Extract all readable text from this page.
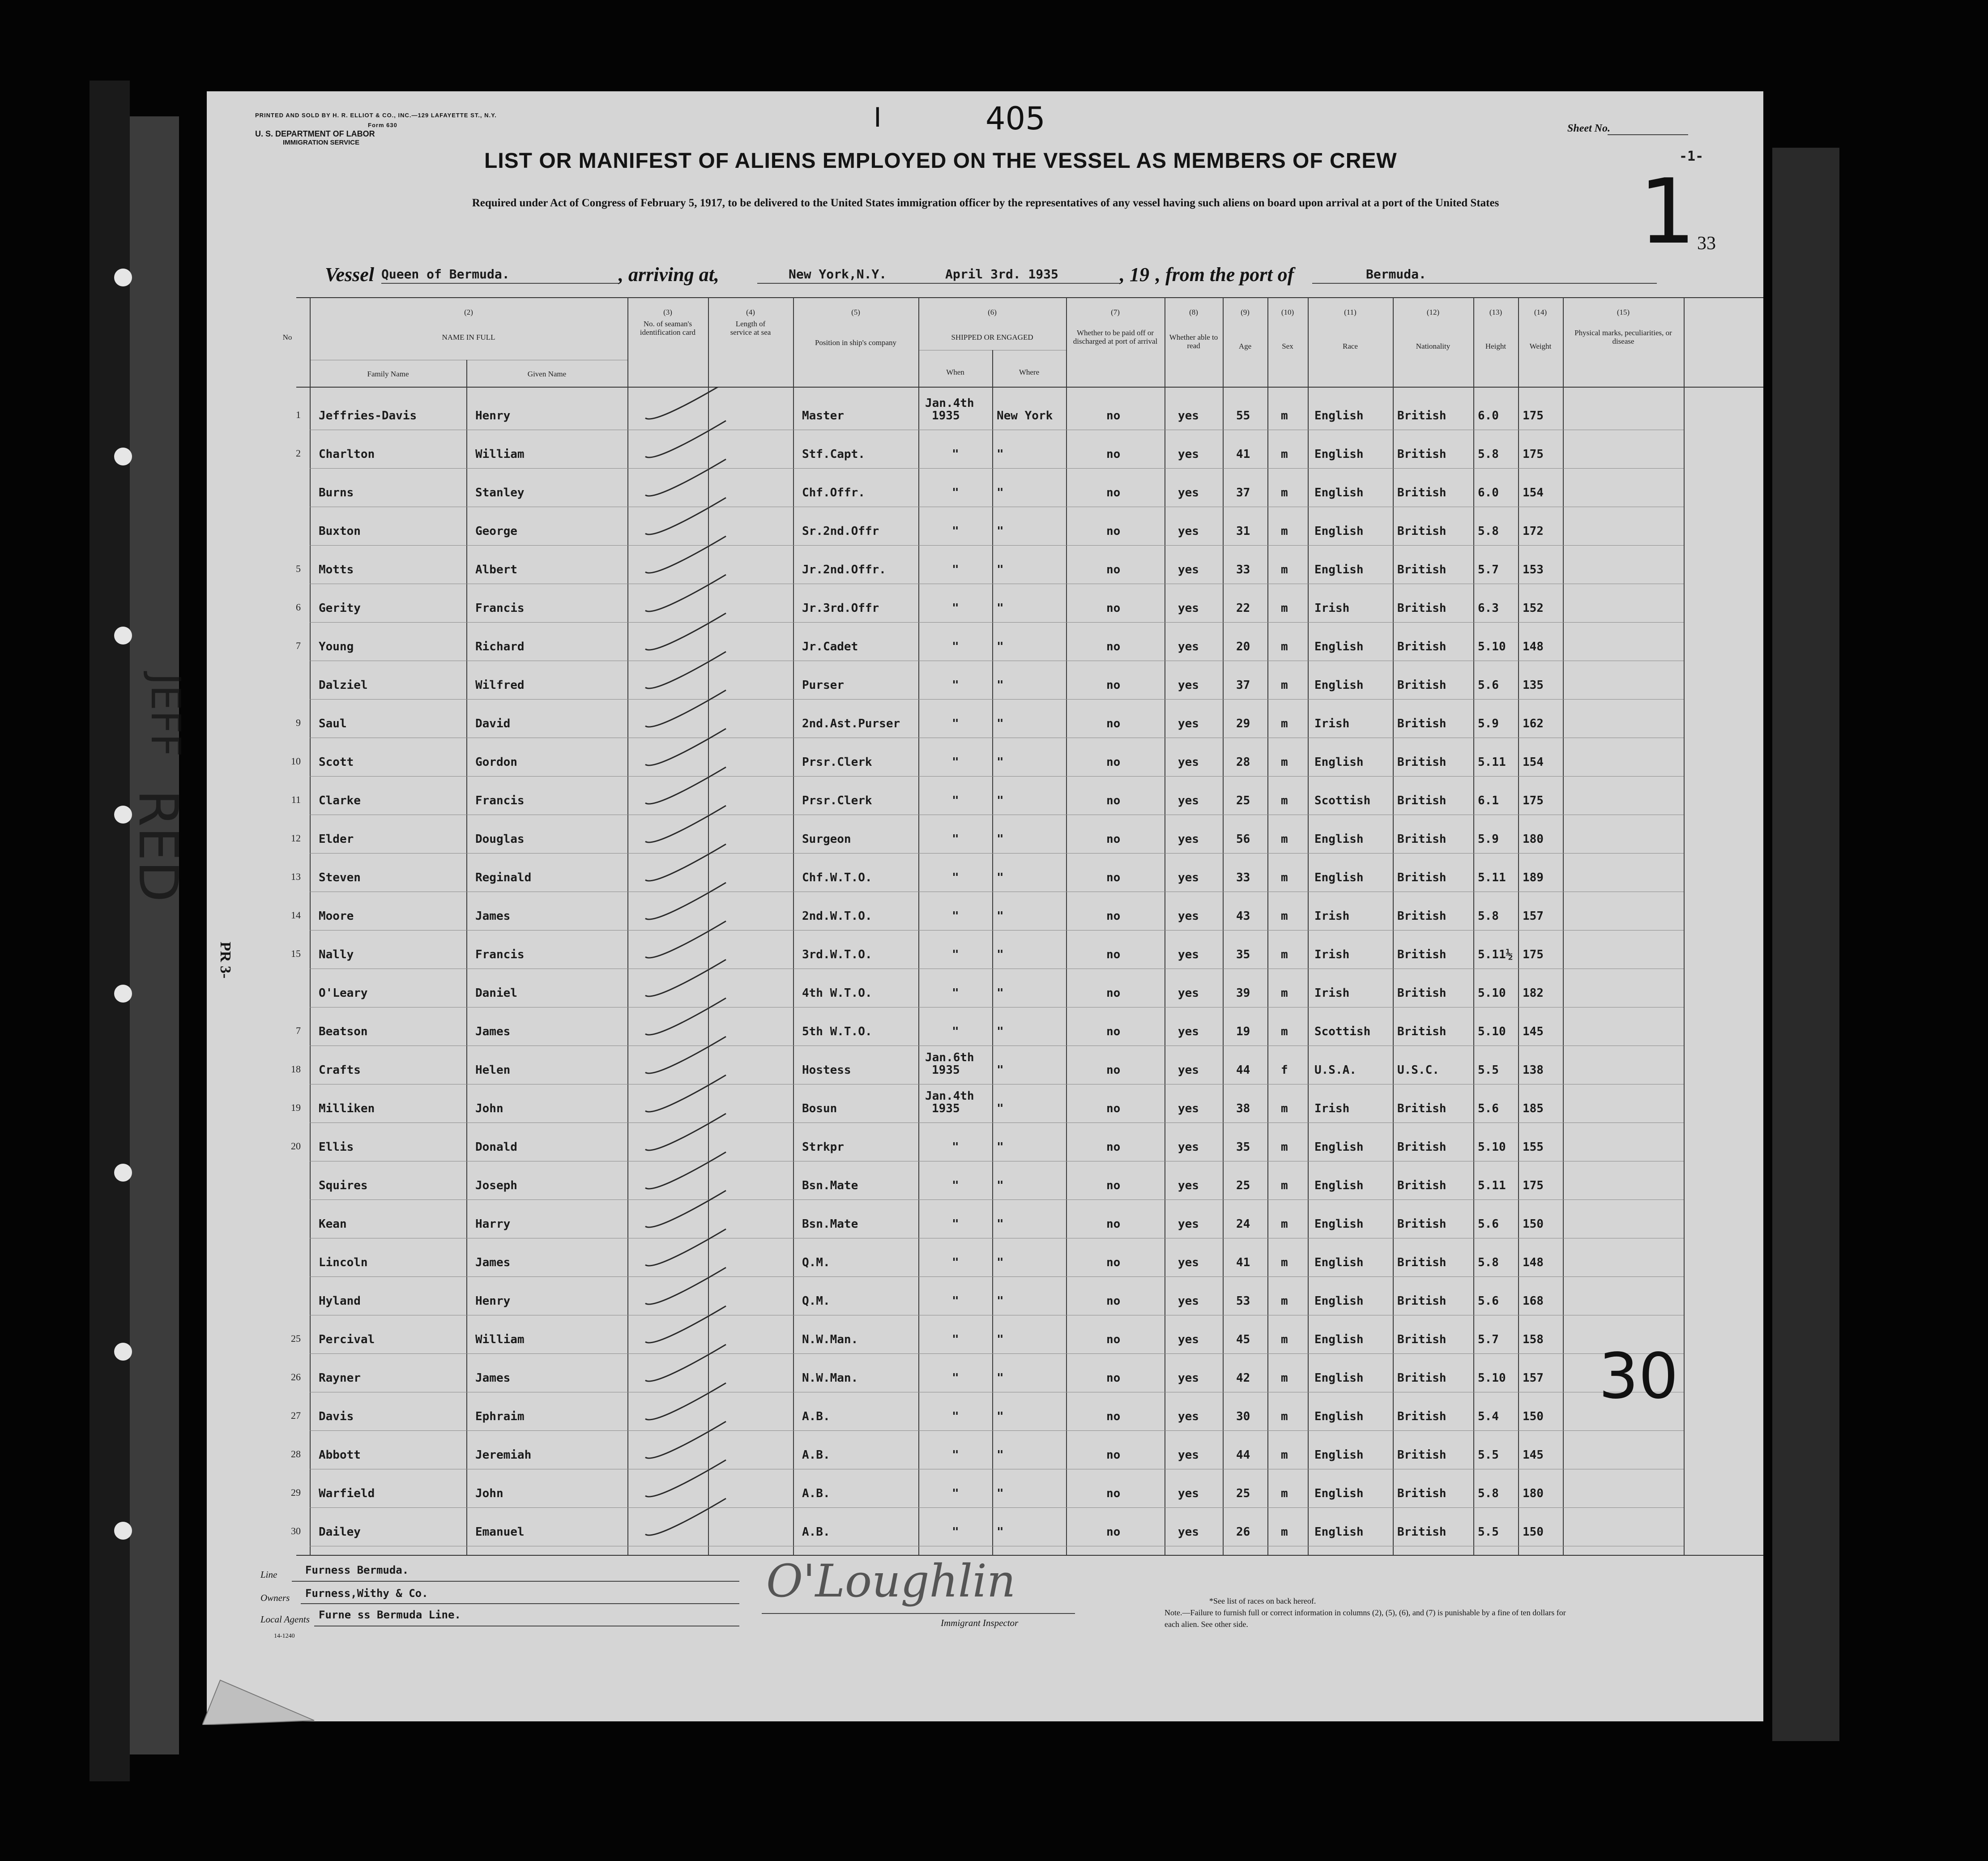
PRINTED AND SOLD BY H. R. ELLIOT & CO., INC.—129 LAFAYETTE ST., N.Y.
Form 630
U. S. DEPARTMENT OF LABOR
IMMIGRATION SERVICE
I	405	Sheet No.
-1-
LIST OR MANIFEST OF ALIENS EMPLOYED ON THE VESSEL AS MEMBERS OF CREW
Required under Act of Congress of February 5, 1917, to be delivered to the United States immigration officer by the representatives of any vessel having such aliens on board upon arrival at a port of the United States	1 33
Vessel Queen of Bermuda.	, arriving at,	New York,N.Y.	April 3rd. 1935	, 19 , from the port of	Bermuda.
No
(2)
NAME IN FULL
Family Name	Given Name
(3)
No. of seaman's identification card
(4)
Length of service at sea
(5)
Position in ship's company
(6)
SHIPPED OR ENGAGED
When	Where
(7)
Whether to be paid off or discharged at port of arrival
(8)
Whether able to read
(9)
Age
(10)
Sex
(11)
Race
(12)
Nationality
(13)
Height
(14)
Weight
(15)
Physical marks, peculiarities, or disease
1 Jeffries-Davis	Henry	Master	New York	no	yes	55	m English	British	6.0 175
Jan.4th
1935
2 Charlton	William	Stf.Capt.	"	no	yes	41	m English	British	5.8 175
"
Burns	Stanley	Chf.Offr.	"	no	yes	37	m English	British	6.0 154
"
Buxton	George	Sr.2nd.Offr	"	no	yes	31	m English	British	5.8 172
"
5 Motts	Albert	Jr.2nd.Offr.	"	no	yes	33	m English	British	5.7 153
"
6 Gerity	Francis	Jr.3rd.Offr	"	no	yes	22	m Irish	British	6.3 152
"
7 Young	Richard	Jr.Cadet	"	no	yes	20	m English	British	5.10 148
"
Dalziel	Wilfred	Purser	"	no	yes	37	m English	British	5.6 135
"
9 Saul	David	2nd.Ast.Purser	"	no	yes	29	m Irish	British	5.9 162
"
10 Scott	Gordon	Prsr.Clerk	"	no	yes	28	m English	British	5.11 154
"
11 Clarke	Francis	Prsr.Clerk	"	no	yes	25	m Scottish British	6.1 175
"
12 Elder	Douglas	Surgeon	"	no	yes	56	m English	British	5.9 180
"
13 Steven	Reginald	Chf.W.T.O.	"	no	yes	33	m English	British	5.11 189
"
14 Moore	James	2nd.W.T.O.	"	no	yes	43	m Irish	British	5.8 157
"
15 Nally	Francis	3rd.W.T.O.	"	no	yes	35	m Irish	British	5.11½ 175
"
O'Leary	Daniel	4th W.T.O.	"	no	yes	39	m Irish	British	5.10 182
"
7 Beatson	James	5th W.T.O.	"	no	yes	19	m Scottish British	5.10 145
"
18 Crafts	Helen	Hostess	"	no	yes	44	f U.S.A.	U.S.C.	5.5 138
Jan.6th
1935
19 Milliken	John	Bosun	"	no	yes	38	m Irish	British	5.6 185
Jan.4th
1935
20 Ellis	Donald	Strkpr	"	no	yes	35	m English	British	5.10 155
"
Squires	Joseph	Bsn.Mate	"	no	yes	25	m English	British	5.11 175
"
Kean	Harry	Bsn.Mate	"	no	yes	24	m English	British	5.6 150
"
Lincoln	James	Q.M.	"	no	yes	41	m English	British	5.8 148
"
Hyland	Henry	Q.M.	"	no	yes	53	m English	British	5.6 168
"
25 Percival	William	N.W.Man.	"	no	yes	45	m English	British	5.7 158
"
26 Rayner	James	N.W.Man.	"	no	yes	42	m English	British	5.10 157
"
27 Davis	Ephraim	A.B.	"	no	yes	30	m English	British	5.4 150
"
28 Abbott	Jeremiah	A.B.	"	no	yes	44	m English	British	5.5 145
"
29 Warfield	John	A.B.	"	no	yes	25	m English	British	5.8 180
"
30 Dailey	Emanuel	A.B.	"	no	yes	26	m English	British	5.5 150
"
JEFF
RED
PR 3-
30
Line	Furness Bermuda.
Owners Furness,Withy & Co.
Local Agents Furne ss Bermuda Line.
14-1240
O'Loughlin
Immigrant Inspector
*See list of races on back hereof.
Note.—Failure to furnish full or correct information in columns (2), (5), (6), and (7) is punishable by a fine of ten dollars for each alien. See other side.
